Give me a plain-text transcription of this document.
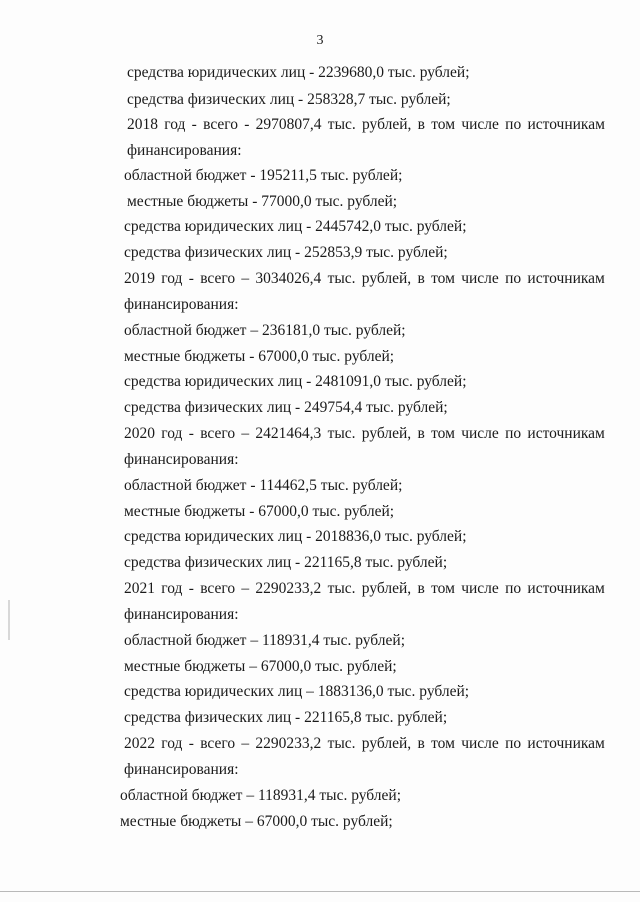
3
средства юридических лиц - 2239680,0 тыс. рублей;
средства физических лиц - 258328,7 тыс. рублей;
2018 год - всего - 2970807,4 тыс. рублей, в том числе по источникам
финансирования:
областной бюджет - 195211,5 тыс. рублей;
местные бюджеты - 77000,0 тыс. рублей;
средства юридических лиц - 2445742,0 тыс. рублей;
средства физических лиц - 252853,9 тыс. рублей;
2019 год - всего – 3034026,4 тыс. рублей, в том числе по источникам
финансирования:
областной бюджет – 236181,0 тыс. рублей;
местные бюджеты - 67000,0 тыс. рублей;
средства юридических лиц - 2481091,0 тыс. рублей;
средства физических лиц - 249754,4 тыс. рублей;
2020 год - всего – 2421464,3 тыс. рублей, в том числе по источникам
финансирования:
областной бюджет - 114462,5 тыс. рублей;
местные бюджеты - 67000,0 тыс. рублей;
средства юридических лиц - 2018836,0 тыс. рублей;
средства физических лиц - 221165,8 тыс. рублей;
2021 год - всего – 2290233,2 тыс. рублей, в том числе по источникам
финансирования:
областной бюджет – 118931,4 тыс. рублей;
местные бюджеты – 67000,0 тыс. рублей;
средства юридических лиц – 1883136,0 тыс. рублей;
средства физических лиц - 221165,8 тыс. рублей;
2022 год - всего – 2290233,2 тыс. рублей, в том числе по источникам
финансирования:
областной бюджет – 118931,4 тыс. рублей;
местные бюджеты – 67000,0 тыс. рублей;
